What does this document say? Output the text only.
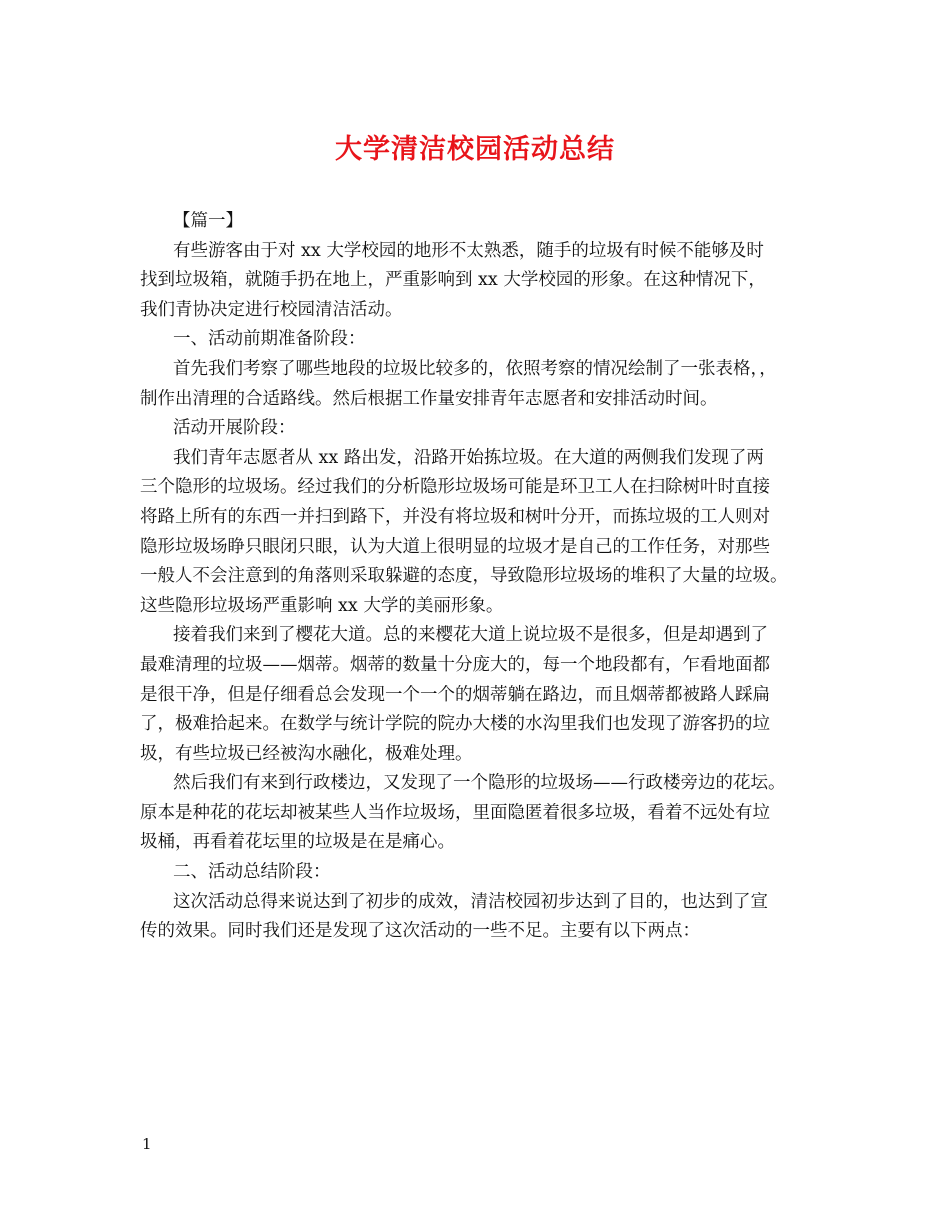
大学清洁校园活动总结
【篇一】
有些游客由于对 xx 大学校园的地形不太熟悉，随手的垃圾有时候不能够及时
找到垃圾箱，就随手扔在地上，严重影响到 xx 大学校园的形象。在这种情况下，
我们青协决定进行校园清洁活动。
一、活动前期准备阶段：
首先我们考察了哪些地段的垃圾比较多的，依照考察的情况绘制了一张表格，，
制作出清理的合适路线。然后根据工作量安排青年志愿者和安排活动时间。
活动开展阶段：
我们青年志愿者从 xx 路出发，沿路开始拣垃圾。在大道的两侧我们发现了两
三个隐形的垃圾场。经过我们的分析隐形垃圾场可能是环卫工人在扫除树叶时直接
将路上所有的东西一并扫到路下，并没有将垃圾和树叶分开，而拣垃圾的工人则对
隐形垃圾场睁只眼闭只眼，认为大道上很明显的垃圾才是自己的工作任务，对那些
一般人不会注意到的角落则采取躲避的态度，导致隐形垃圾场的堆积了大量的垃圾。
这些隐形垃圾场严重影响 xx 大学的美丽形象。
接着我们来到了樱花大道。总的来樱花大道上说垃圾不是很多，但是却遇到了
最难清理的垃圾——烟蒂。烟蒂的数量十分庞大的，每一个地段都有，乍看地面都
是很干净，但是仔细看总会发现一个一个的烟蒂躺在路边，而且烟蒂都被路人踩扁
了，极难拾起来。在数学与统计学院的院办大楼的水沟里我们也发现了游客扔的垃
圾，有些垃圾已经被沟水融化，极难处理。
然后我们有来到行政楼边，又发现了一个隐形的垃圾场——行政楼旁边的花坛。
原本是种花的花坛却被某些人当作垃圾场，里面隐匿着很多垃圾，看着不远处有垃
圾桶，再看着花坛里的垃圾是在是痛心。
二、活动总结阶段：
这次活动总得来说达到了初步的成效，清洁校园初步达到了目的，也达到了宣
传的效果。同时我们还是发现了这次活动的一些不足。主要有以下两点：
1
